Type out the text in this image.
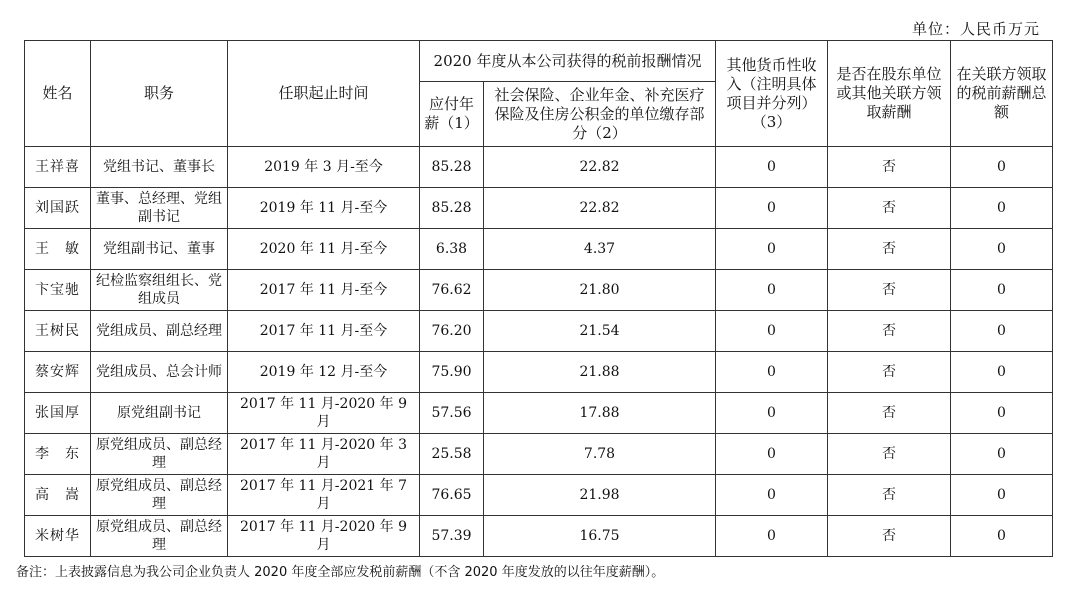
单位：人民币万元
姓名	职务	任职起止时间	2020 年度从本公司获得的税前报酬情况		其他货币性收入（注明具体项目并分列）（3）	是否在股东单位或其他关联方领取薪酬	在关联方领取的税前薪酬总额
			应付年薪（1）	社会保险、企业年金、补充医疗保险及住房公积金的单位缴存部分（2）			
王祥喜	党组书记、董事长	2019 年 3 月-至今	85.28	22.82	0	否	0
刘国跃	董事、总经理、党组副书记	2019 年 11 月-至今	85.28	22.82	0	否	0
王　敏	党组副书记、董事	2020 年 11 月-至今	6.38	4.37	0	否	0
卞宝驰	纪检监察组组长、党组成员	2017 年 11 月-至今	76.62	21.80	0	否	0
王树民	党组成员、副总经理	2017 年 11 月-至今	76.20	21.54	0	否	0
蔡安辉	党组成员、总会计师	2019 年 12 月-至今	75.90	21.88	0	否	0
张国厚	原党组副书记	2017 年 11 月-2020 年 9 月	57.56	17.88	0	否	0
李　东	原党组成员、副总经理	2017 年 11 月-2020 年 3 月	25.58	7.78	0	否	0
高　嵩	原党组成员、副总经理	2017 年 11 月-2021 年 7 月	76.65	21.98	0	否	0
米树华	原党组成员、副总经理	2017 年 11 月-2020 年 9 月	57.39	16.75	0	否	0
备注：上表披露信息为我公司企业负责人 2020 年度全部应发税前薪酬（不含 2020 年度发放的以往年度薪酬）。
